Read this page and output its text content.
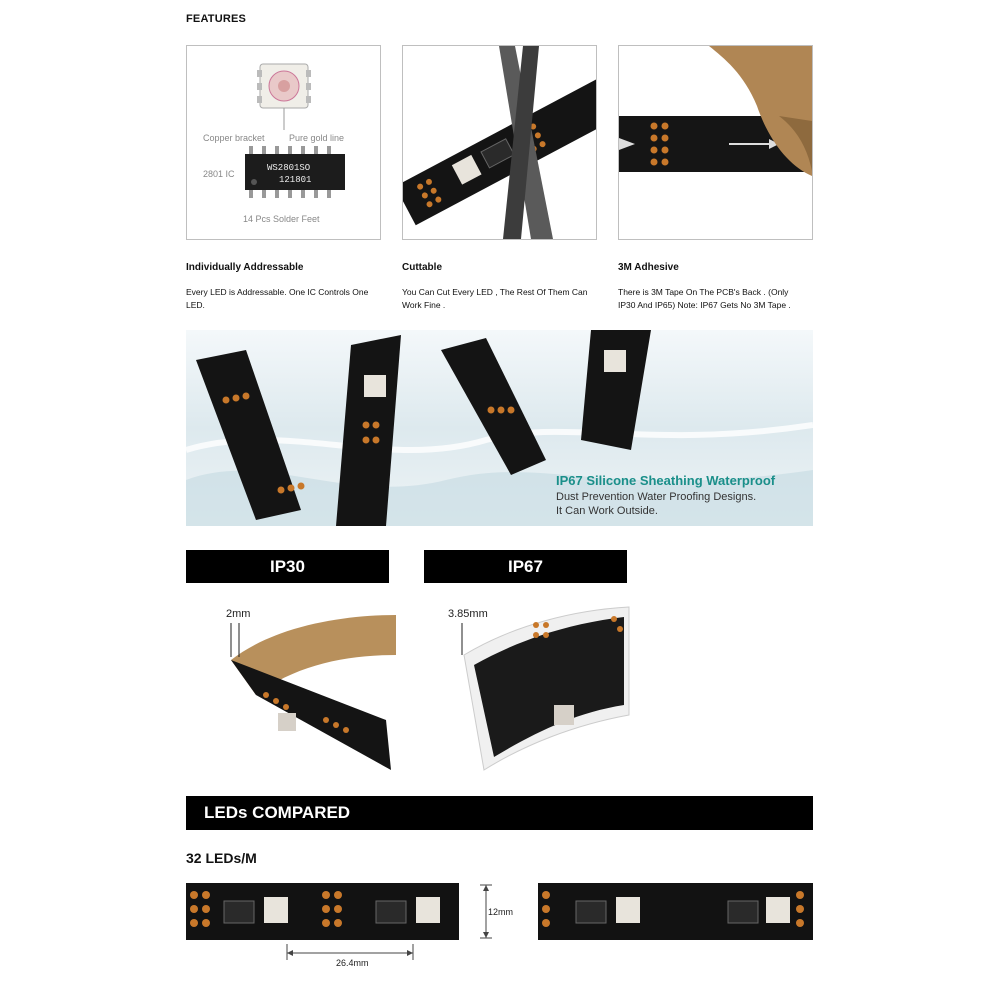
FEATURES
Copper bracket	Pure gold line
WS2801SO
121801
2801 IC
14 Pcs Solder Feet
Individually Addressable
Every LED is Addressable. One IC Controls One LED.
Cuttable
You Can Cut Every LED , The Rest Of Them Can Work Fine .
3M Adhesive
There is 3M Tape On The PCB's Back . (Only IP30 And IP65) Note: IP67 Gets No 3M Tape .
IP67 Silicone Sheathing Waterproof
Dust Prevention Water Proofing Designs.
It Can Work Outside.
IP30	IP67
2mm	3.85mm
LEDs COMPARED
32 LEDs/M
12mm
26.4mm
